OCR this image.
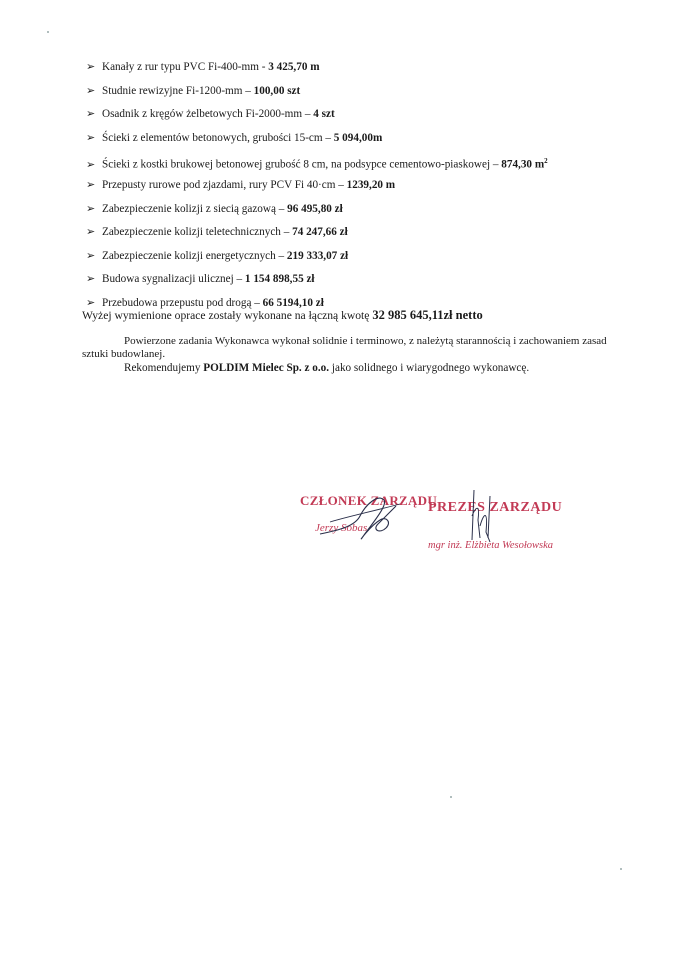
➢ Kanały z rur typu PVC Fi-400-mm - 3 425,70 m
➢ Studnie rewizyjne Fi-1200-mm – 100,00 szt
➢ Osadnik z kręgów żelbetowych Fi-2000-mm – 4 szt
➢ Ścieki z elementów betonowych, grubości 15-cm – 5 094,00m
➢ Ścieki z kostki brukowej betonowej grubość 8 cm, na podsypce cementowo-piaskowej – 874,30 $m^2$
➢ Przepusty rurowe pod zjazdami, rury PCV Fi 40·cm – 1239,20 m
➢ Zabezpieczenie kolizji z siecią gazową – 96 495,80 zł
➢ Zabezpieczenie kolizji teletechnicznych – 74 247,66 zł
➢ Zabezpieczenie kolizji energetycznych – 219 333,07 zł
➢ Budowa sygnalizacji ulicznej – 1 154 898,55 zł
➢ Przebudowa przepustu pod drogą – 66 5194,10 zł
Wyżej wymienione oprace zostały wykonane na łączną kwotę 32 985 645,11zł netto
Powierzone zadania Wykonawca wykonał solidnie i terminowo, z należytą starannością i zachowaniem zasad sztuki budowlanej.
Rekomendujemy POLDIM Mielec Sp. z o.o. jako solidnego i wiarygodnego wykonawcę.
CZŁONEK ZARZĄDU
Jerzy Sobas
PREZES ZARZĄDU
mgr inż. Elżbieta Wesołowska
